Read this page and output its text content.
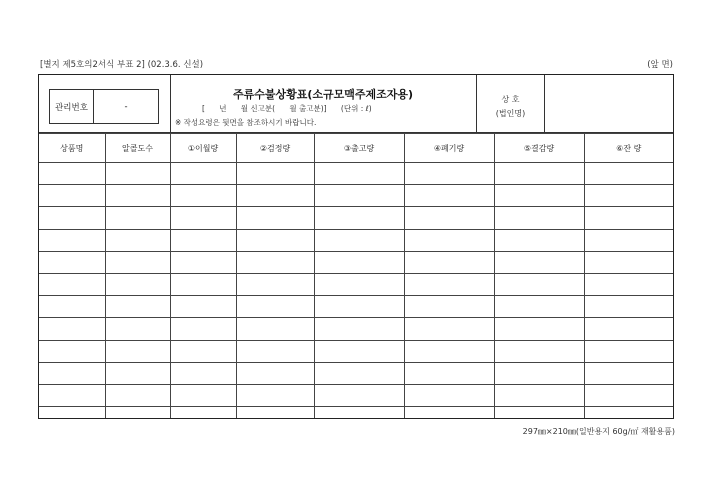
[별지 제5호의2서식 부표 2] (02.3.6. 신설)	(앞 면)
관리번호	-
주류수불상황표(소규모맥주제조자용)
[      년      월 신고분(      월 출고분)]      (단위 : ℓ)
※ 작성요령은 뒷면을 참조하시기 바랍니다.
상 호
(법인명)
상품명	알콜도수	①이월량	②검정량	③출고량	④폐기량	⑤결감량	⑥잔 량

297㎜×210㎜(일반용지 60g/㎡ 재활용품)
